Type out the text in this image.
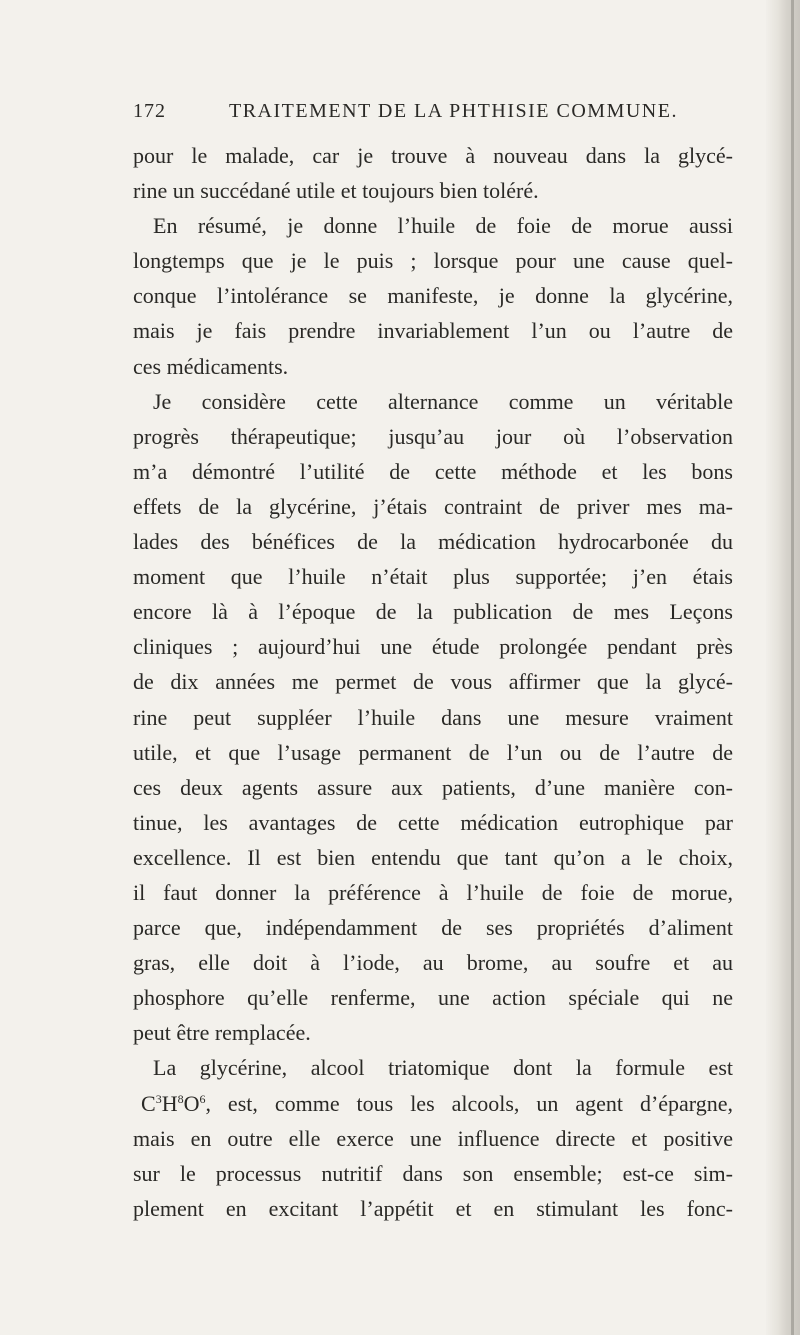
172	TRAITEMENT DE LA PHTHISIE COMMUNE.
pour le malade, car je trouve à nouveau dans la glycé-
rine un succédané utile et toujours bien toléré.
En résumé, je donne l’huile de foie de morue aussi
longtemps que je le puis ; lorsque pour une cause quel-
conque l’intolérance se manifeste, je donne la glycérine,
mais je fais prendre invariablement l’un ou l’autre de
ces médicaments.
Je considère cette alternance comme un véritable
progrès thérapeutique; jusqu’au jour où l’observation
m’a démontré l’utilité de cette méthode et les bons
effets de la glycérine, j’étais contraint de priver mes ma-
lades des bénéfices de la médication hydrocarbonée du
moment que l’huile n’était plus supportée; j’en étais
encore là à l’époque de la publication de mes Leçons
cliniques ; aujourd’hui une étude prolongée pendant près
de dix années me permet de vous affirmer que la glycé-
rine peut suppléer l’huile dans une mesure vraiment
utile, et que l’usage permanent de l’un ou de l’autre de
ces deux agents assure aux patients, d’une manière con-
tinue, les avantages de cette médication eutrophique par
excellence. Il est bien entendu que tant qu’on a le choix,
il faut donner la préférence à l’huile de foie de morue,
parce que, indépendamment de ses propriétés d’aliment
gras, elle doit à l’iode, au brome, au soufre et au
phosphore qu’elle renferme, une action spéciale qui ne
peut être remplacée.
La glycérine, alcool triatomique dont la formule est
$C^3H^8O^6$, est, comme tous les alcools, un agent d’épargne,
mais en outre elle exerce une influence directe et positive
sur le processus nutritif dans son ensemble; est-ce sim-
plement en excitant l’appétit et en stimulant les fonc-
